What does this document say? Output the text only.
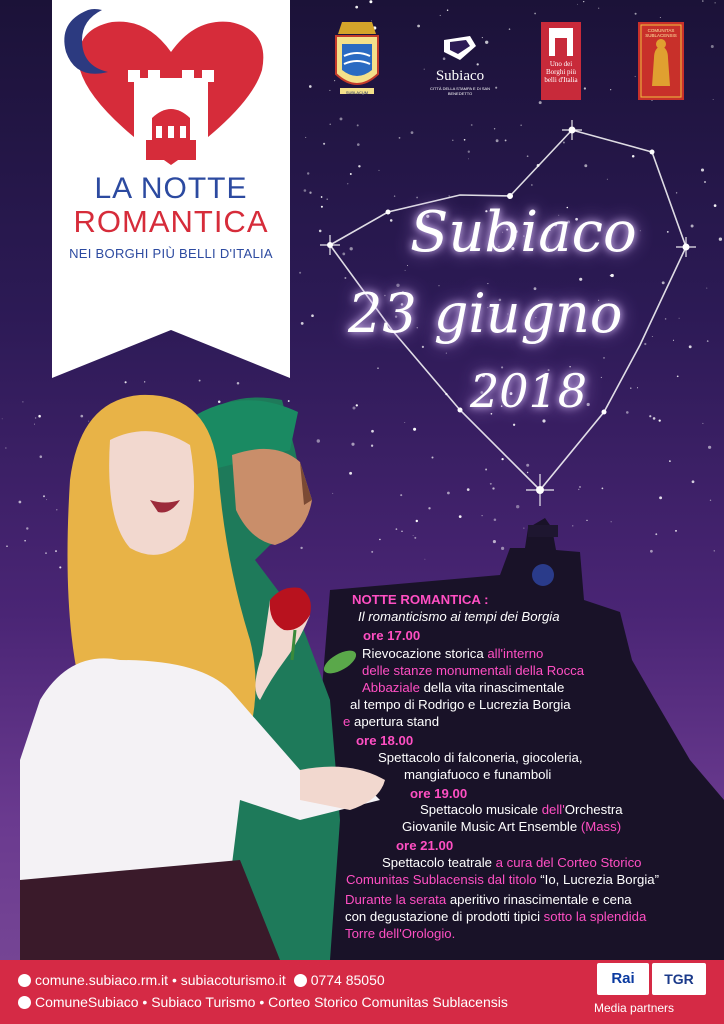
LA NOTTE
ROMANTICA
NEI BORGHI PIÙ BELLI D'ITALIA
SUBLACUM
Subiaco
CITTÀ DELLA STAMPA E DI SAN BENEDETTO
Uno dei Borghi più belli d'Italia
COMUNITAS SUBLACENSIS
Subiaco
23 giugno
2018
NOTTE ROMANTICA :
Il romanticismo ai tempi dei Borgia
ore 17.00
Rievocazione storica all'interno
delle stanze monumentali della Rocca
Abbaziale della vita rinascimentale
al tempo di Rodrigo e Lucrezia Borgia
e apertura stand
ore 18.00
Spettacolo di falconeria, giocoleria,
mangiafuoco e funamboli
ore 19.00
Spettacolo musicale dell'Orchestra
Giovanile Music Art Ensemble (Mass)
ore 21.00
Spettacolo teatrale a cura del Corteo Storico
Comunitas Sublacensis dal titolo “Io, Lucrezia Borgia”
Durante la serata aperitivo rinascimentale e cena
con degustazione di prodotti tipici sotto la splendida
Torre dell'Orologio.
comune.subiaco.rm.it • subiacoturismo.it 0774 85050
ComuneSubiaco • Subiaco Turismo • Corteo Storico Comunitas Sublacensis
Rai	TGR
Media partners
